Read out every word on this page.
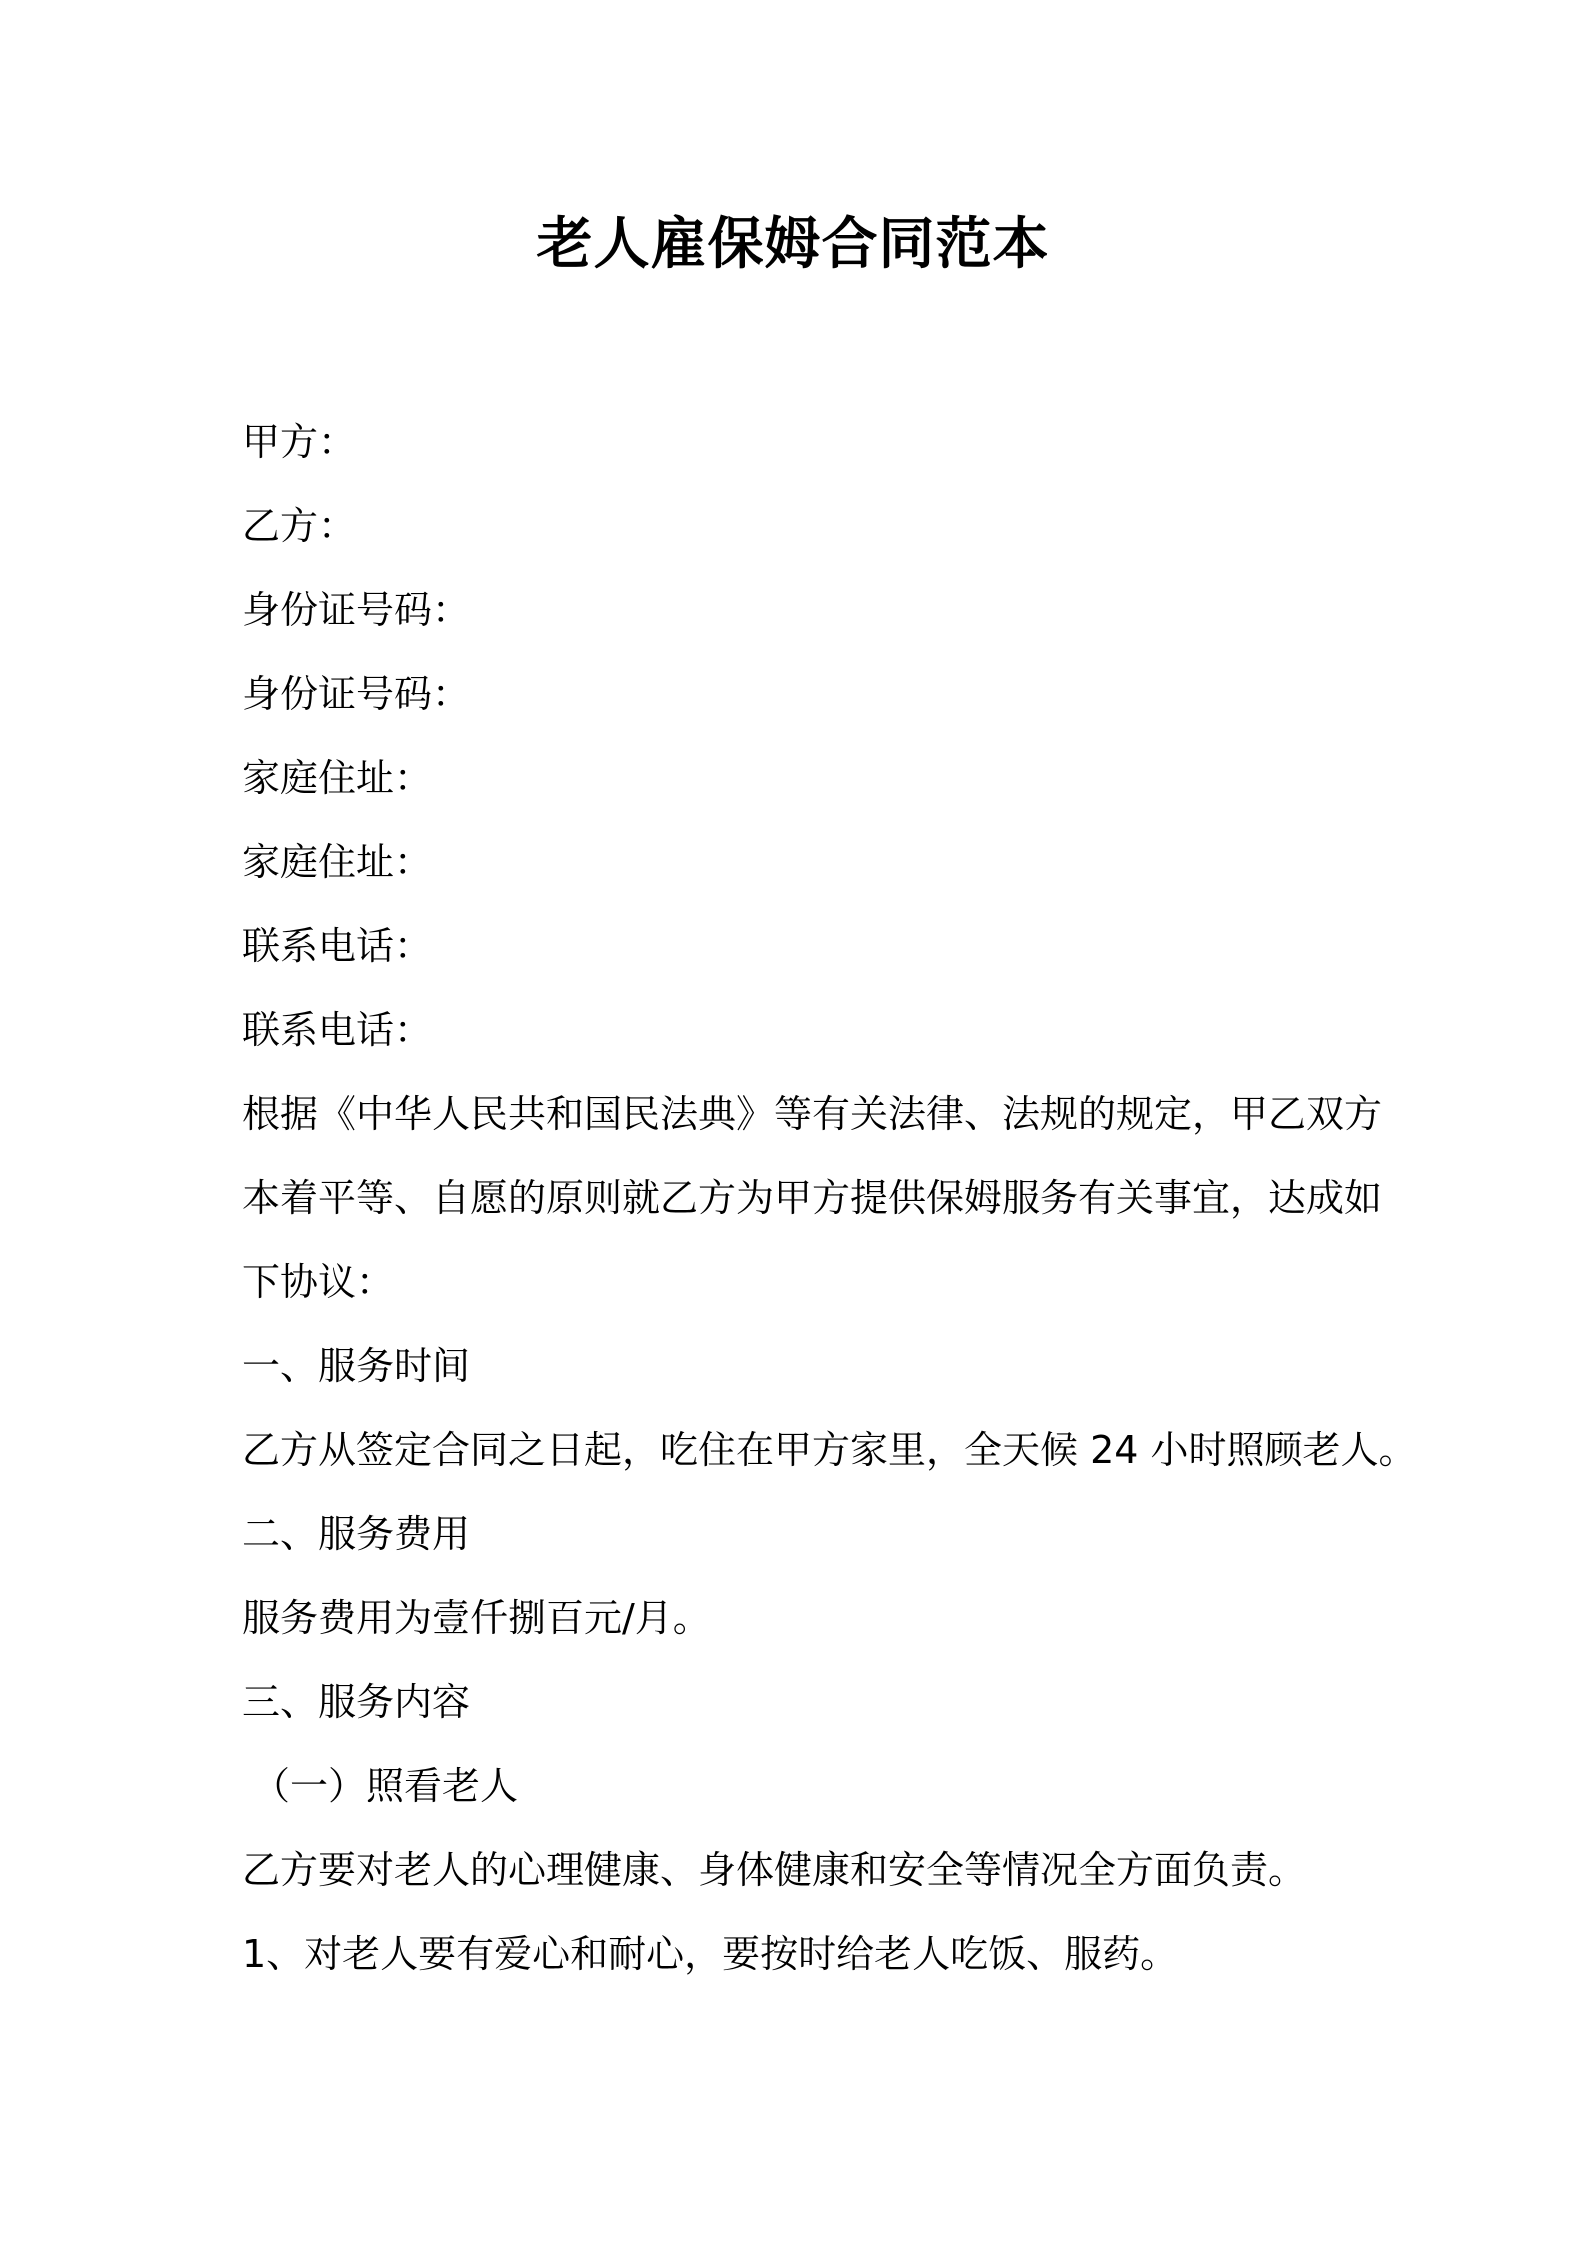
老人雇保姆合同范本

甲方：

乙方：

身份证号码：

身份证号码：

家庭住址：

家庭住址：

联系电话：

联系电话：

根据《中华人民共和国民法典》等有关法律、法规的规定，甲乙双方

本着平等、自愿的原则就乙方为甲方提供保姆服务有关事宜，达成如

下协议：

一、服务时间

乙方从签定合同之日起，吃住在甲方家里，全天候 24 小时照顾老人。

二、服务费用

服务费用为壹仟捌百元/月。

三、服务内容

（一）照看老人

乙方要对老人的心理健康、身体健康和安全等情况全方面负责。

1、对老人要有爱心和耐心，要按时给老人吃饭、服药。
